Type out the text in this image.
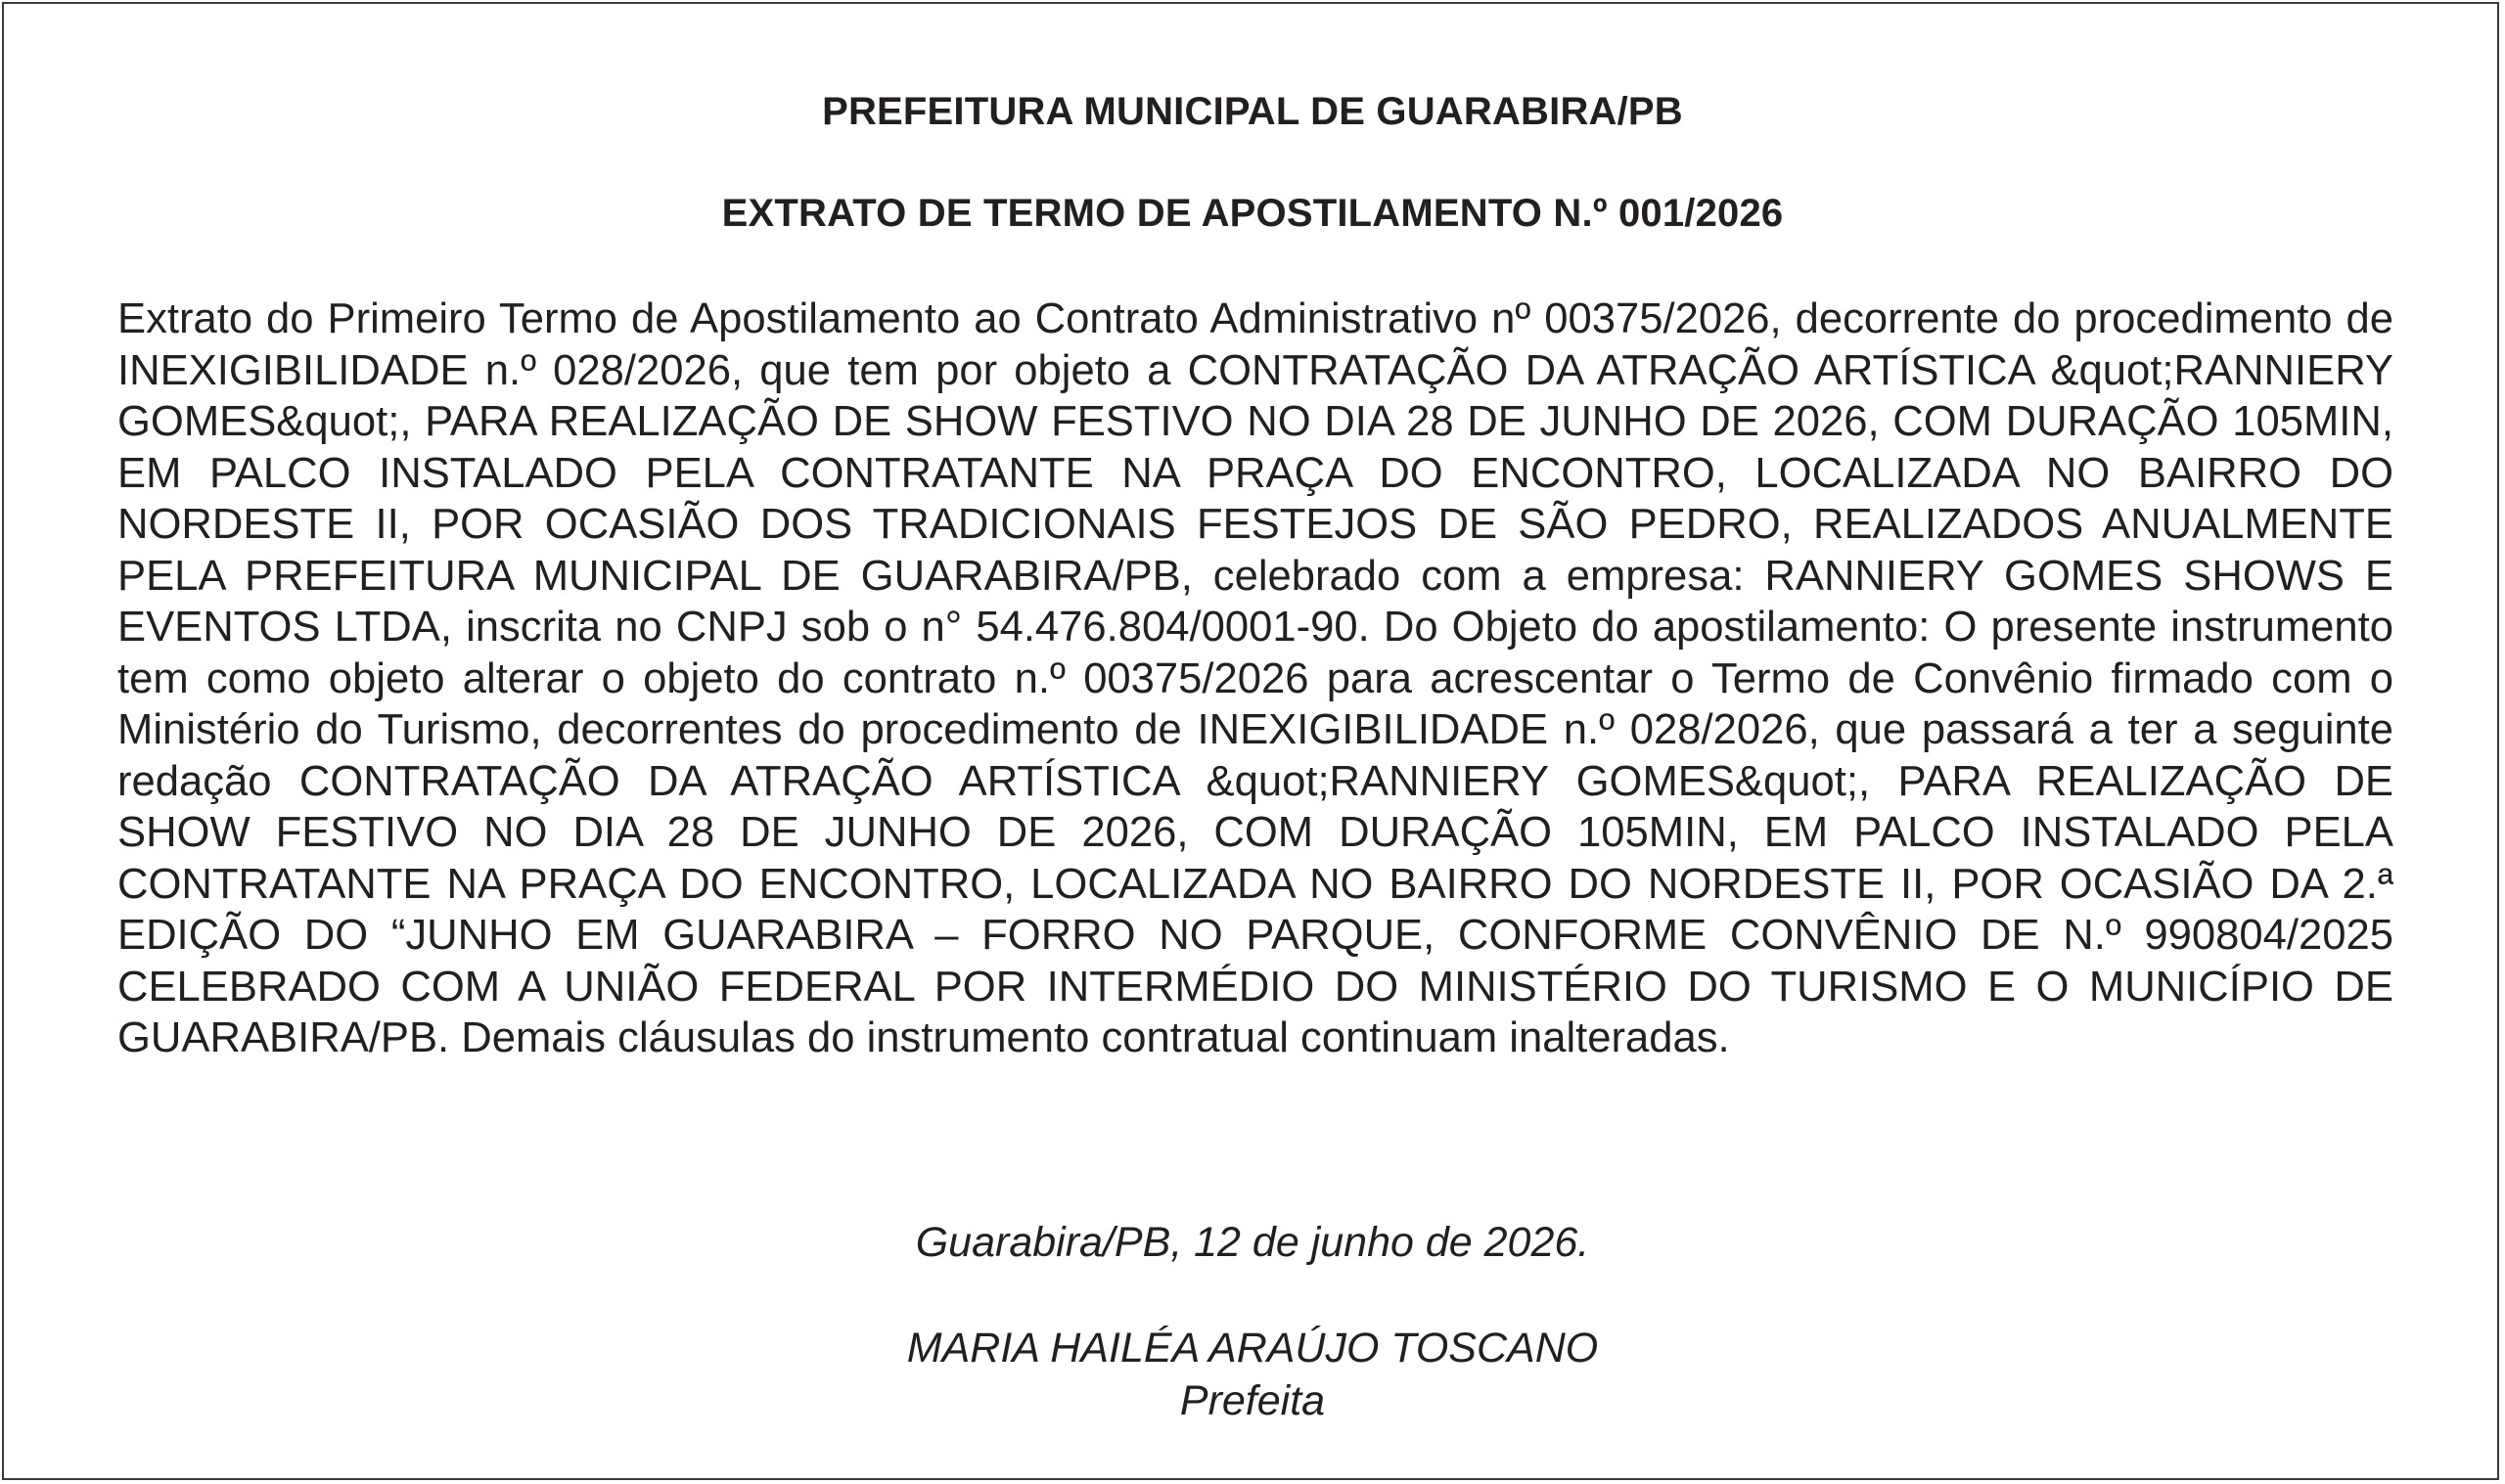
PREFEITURA MUNICIPAL DE GUARABIRA/PB
EXTRATO DE TERMO DE APOSTILAMENTO N.º 001/2026

Extrato do Primeiro Termo de Apostilamento ao Contrato Administrativo nº 00375/2026, decorrente do procedimento de INEXIGIBILIDADE n.º 028/2026, que tem por objeto a CONTRATAÇÃO DA ATRAÇÃO ARTÍSTICA &quot;RANNIERY GOMES&quot;, PARA REALIZAÇÃO DE SHOW FESTIVO NO DIA 28 DE JUNHO DE 2026, COM DURAÇÃO 105MIN, EM PALCO INSTALADO PELA CONTRATANTE NA PRAÇA DO ENCONTRO, LOCALIZADA NO BAIRRO DO NORDESTE II, POR OCASIÃO DOS TRADICIONAIS FESTEJOS DE SÃO PEDRO, REALIZADOS ANUALMENTE PELA PREFEITURA MUNICIPAL DE GUARABIRA/PB, celebrado com a empresa: RANNIERY GOMES SHOWS E EVENTOS LTDA, inscrita no CNPJ sob o n° 54.476.804/0001-90. Do Objeto do apostilamento: O presente instrumento tem como objeto alterar o objeto do contrato n.º 00375/2026 para acrescentar o Termo de Convênio firmado com o Ministério do Turismo, decorrentes do procedimento de INEXIGIBILIDADE n.º 028/2026, que passará a ter a seguinte redação CONTRATAÇÃO DA ATRAÇÃO ARTÍSTICA &quot;RANNIERY GOMES&quot;, PARA REALIZAÇÃO DE SHOW FESTIVO NO DIA 28 DE JUNHO DE 2026, COM DURAÇÃO 105MIN, EM PALCO INSTALADO PELA CONTRATANTE NA PRAÇA DO ENCONTRO, LOCALIZADA NO BAIRRO DO NORDESTE II, POR OCASIÃO DA 2.ª EDIÇÃO DO “JUNHO EM GUARABIRA – FORRO NO PARQUE, CONFORME CONVÊNIO DE N.º 990804/2025 CELEBRADO COM A UNIÃO FEDERAL POR INTERMÉDIO DO MINISTÉRIO DO TURISMO E O MUNICÍPIO DE GUARABIRA/PB. Demais cláusulas do instrumento contratual continuam inalteradas.

Guarabira/PB, 12 de junho de 2026.
MARIA HAILÉA ARAÚJO TOSCANO
Prefeita
